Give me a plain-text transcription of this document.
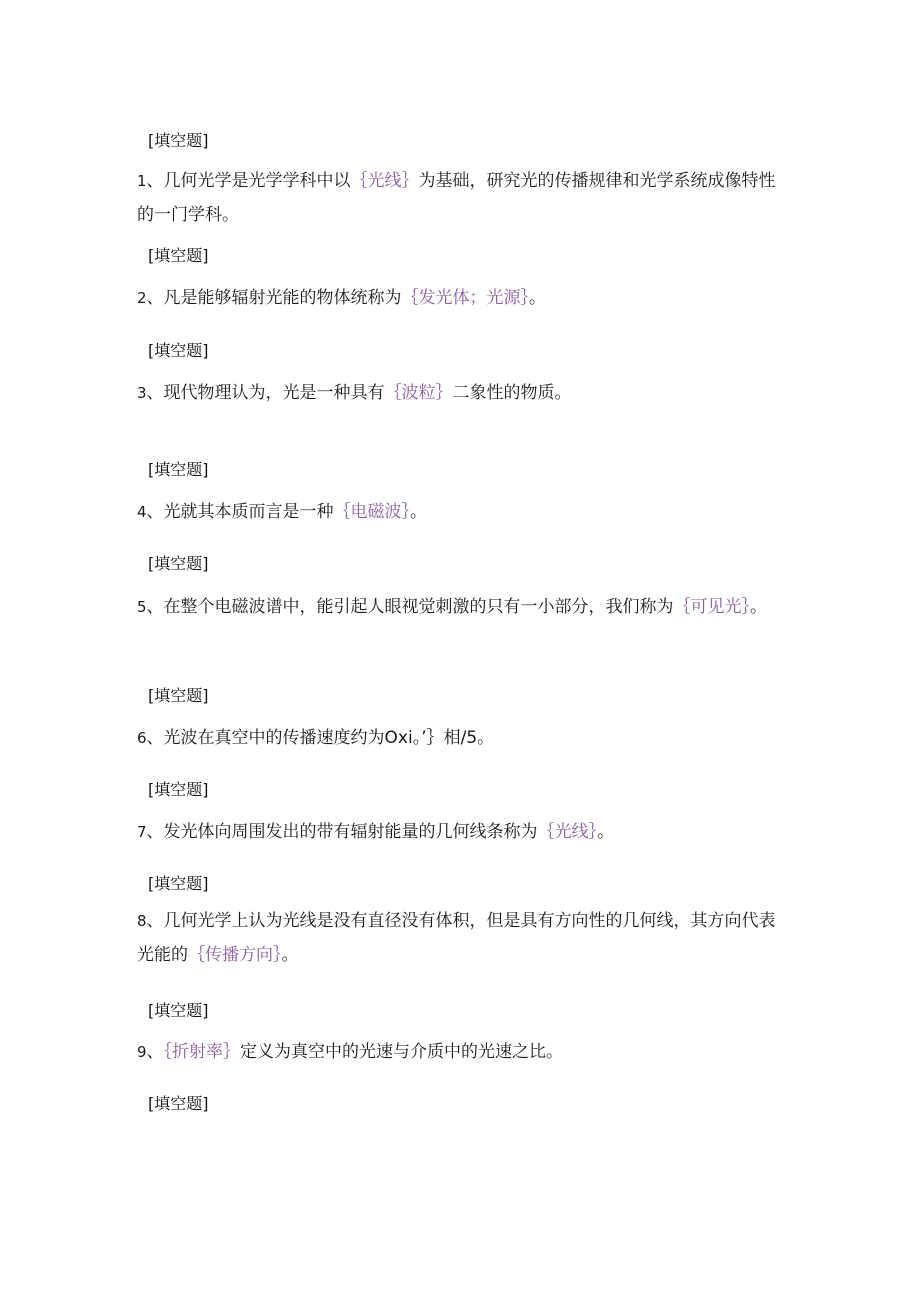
[填空题]
1、几何光学是光学学科中以｛光线｝为基础，研究光的传播规律和光学系统成像特性的一门学科。
[填空题]
2、凡是能够辐射光能的物体统称为｛发光体；光源｝。
[填空题]
3、现代物理认为，光是一种具有｛波粒｝二象性的物质。
[填空题]
4、光就其本质而言是一种｛电磁波｝。
[填空题]
5、在整个电磁波谱中，能引起人眼视觉刺激的只有一小部分，我们称为｛可见光｝。
[填空题]
6、光波在真空中的传播速度约为Oxi。’｝相/5。
[填空题]
7、发光体向周围发出的带有辐射能量的几何线条称为｛光线｝。
[填空题]
8、几何光学上认为光线是没有直径没有体积，但是具有方向性的几何线，其方向代表光能的｛传播方向｝。
[填空题]
9、｛折射率｝定义为真空中的光速与介质中的光速之比。
[填空题]
